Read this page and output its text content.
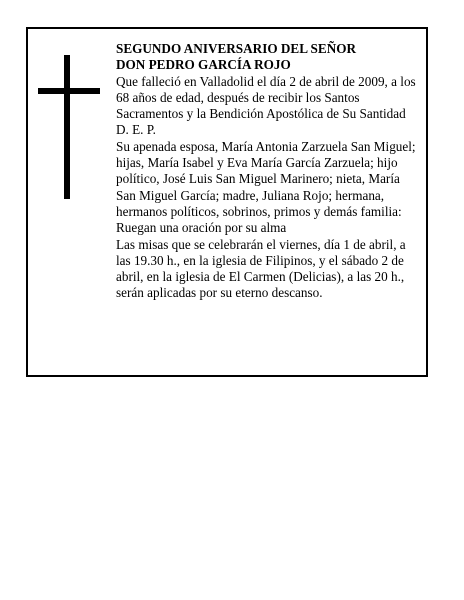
SEGUNDO ANIVERSARIO DEL SEÑOR

DON PEDRO GARCÍA ROJO

Que falleció en Valladolid el día 2 de abril de 2009, a los 68 años de edad, después de recibir los Santos Sacramentos y la Bendición Apostólica de Su Santidad D. E. P.

Su apenada esposa, María Antonia Zarzuela San Miguel; hijas, María Isabel y Eva María García Zarzuela; hijo político, José Luis San Miguel Marinero; nieta, María San Miguel García; madre, Juliana Rojo; hermana, hermanos políticos, sobrinos, primos y demás familia:

Ruegan una oración por su alma

Las misas que se celebrarán el viernes, día 1 de abril, a las 19.30 h., en la iglesia de Filipinos, y el sábado 2 de abril, en la iglesia de El Carmen (Delicias), a las 20 h., serán aplicadas por su eterno descanso.
